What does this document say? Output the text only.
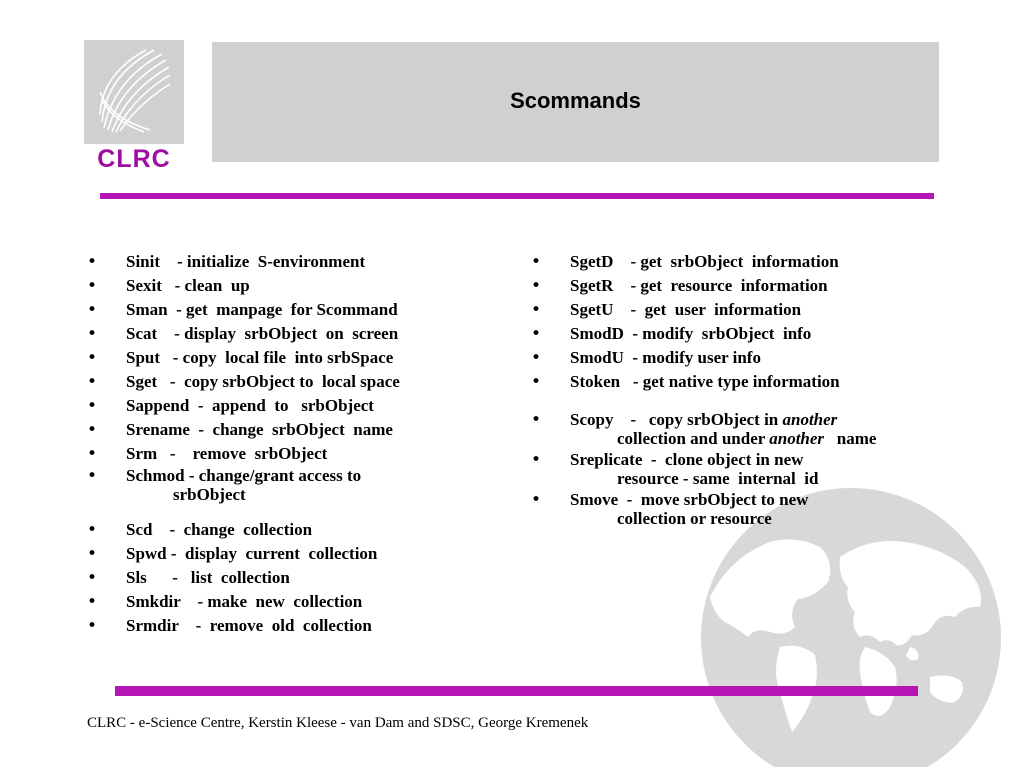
CLRC
Scommands
• Sinit    - initialize  S-environment
• Sexit   - clean  up
• Sman  - get  manpage  for Scommand
• Scat    - display  srbObject  on  screen
• Sput   - copy  local file  into srbSpace
• Sget   -  copy srbObject to  local space
• Sappend  -  append  to   srbObject
• Srename  -  change  srbObject  name
• Srm   -    remove  srbObject
• Schmod - change/grant access to
srbObject
• Scd    -  change  collection
• Spwd -  display  current  collection
• Sls      -   list  collection
• Smkdir    - make  new  collection
• Srmdir    -  remove  old  collection
• SgetD    - get  srbObject  information
• SgetR    - get  resource  information
• SgetU    -  get  user  information
• SmodD  - modify  srbObject  info
• SmodU  - modify user info
• Stoken   - get native type information
• Scopy    -   copy srbObject in another
collection and under another   name
• Sreplicate  -  clone object in new
resource - same  internal  id
• Smove  -  move srbObject to new
collection or resource
CLRC - e-Science Centre, Kerstin Kleese - van Dam and SDSC, George Kremenek
